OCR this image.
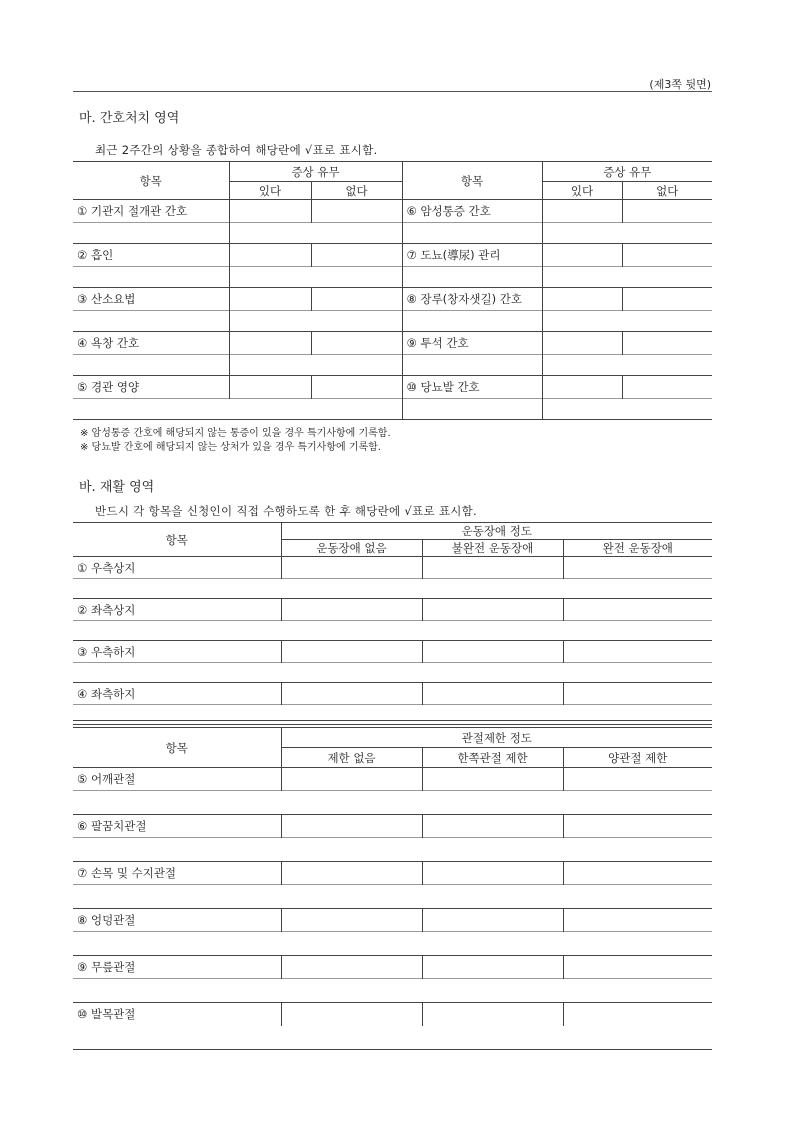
(제3쪽 뒷면)
마. 간호처치 영역
최근 2주간의 상황을 종합하여 해당란에 √표로 표시함.
항목	증상 유무		항목	증상 유무	
	있다	없다		있다	없다
① 기관지 절개관 간호			⑥ 암성통증 간호		

② 흡인			⑦ 도뇨(導尿) 관리		

③ 산소요법			⑧ 장루(창자샛길) 간호		

④ 욕창 간호			⑨ 투석 간호		

⑤ 경관 영양			⑩ 당뇨발 간호		

※ 암성통증 간호에 해당되지 않는 통증이 있을 경우 특기사항에 기록함.
※ 당뇨발 간호에 해당되지 않는 상처가 있을 경우 특기사항에 기록함.
바. 재활 영역
반드시 각 항목을 신청인이 직접 수행하도록 한 후 해당란에 √표로 표시함.
항목	운동장애 정도		
	운동장애 없음	불완전 운동장애	완전 운동장애
① 우측상지			

② 좌측상지			

③ 우측하지			

④ 좌측하지			

항목	관절제한 정도		
	제한 없음	한쪽관절 제한	양관절 제한
⑤ 어깨관절			

⑥ 팔꿈치관절			

⑦ 손목 및 수지관절			

⑧ 엉덩관절			

⑨ 무릎관절			

⑩ 발목관절			
